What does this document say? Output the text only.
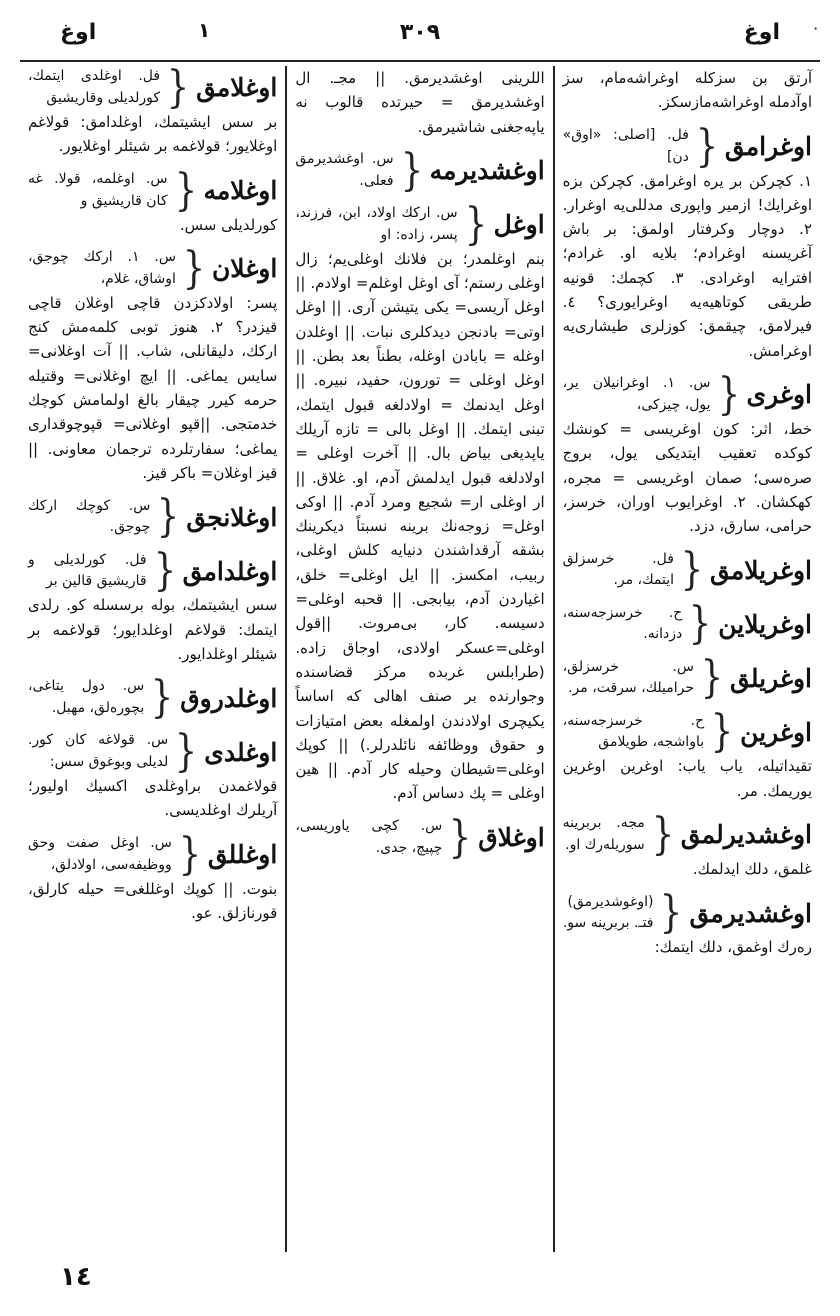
٠
اوغ
٣٠٩
١
اوغ

آرتق بن سزکله اوغراشه‌مام، سز اوآدمله اوغراشه‌مازسکز.

اوغرامق
{
فل. [اصلی: «اوق» دن]

١. کچرکن بر یره اوغرامق. کچرکن بزه اوغرایك! ازمیر واپوری مدللی‌یه اوغرار. ٢. دوچار وکرفتار اولمق: بر باش آغریسنه اوغرادم؛ بلایه او. غرادم؛ افترایه اوغرادی. ٣. کچمك: قونیه طریقی کوتاهیه‌یه اوغرایوری؟ ٤. فیرلامق، چیقمق: کوزلری طیشاری‌یه اوغرامش.

اوغری
{
س. ١. اوغرانیلان یر، یول، چیزکی،

خط، اثر: کون اوغریسی = کونشك کوکده تعقیب ایتدیکی یول، بروج صره‌سی؛ صمان اوغریسی = مجره، کهکشان. ٢. اوغرایوب اوران، خرسز، حرامی، سارق، دزد.

اوغریلامق
{
فل. خرسزلق ایتمك، مر.
اوغریلاین
{
ح. خرسزجه‌سنه، دزدانه.
اوغریلق
{
س. خرسزلق، حرامیلك، سرقت، مر.
اوغرین
{
ح. خرسزجه‌سنه، باواشجه، طویلامق

تقیداتیله، یاب یاب: اوغرین اوغرین یوریمك. مر.

اوغشدیرلمق
{
مجه. بربرینه سوریله‌رك او.

غلمق، دلك ایدلمك.

اوغشدیرمق
{
(اوغوشدیرمق) فتـ. بربرینه سو.

ره‌رك اوغمق، دلك ایتمك:

اللرینی اوغشدیرمق. || مجـ. ال اوغشدیرمق = حیرتده قالوب نه یاپه‌جغنی شاشیرمق.

اوغشدیرمه
{
س. اوغشدیرمق فعلی.
اوغل
{
س. ارکك اولاد، ابن، فرزند، پسر، زاده: او

بنم اوغلمدر؛ بن فلانك اوغلی‌یم؛ زال اوغلی رستم؛ آی اوغل اوغلم= اولادم. || اوغل آریسی= یکی یتیشن آری. || اوغل اوتی= بادنجن دیدکلری نبات. || اوغلدن اوغله = بابادن اوغله، بطناً بعد بطن. || اوغل اوغلی = تورون، حفید، نبیره. || اوغل ایدنمك = اولادلغه قبول ایتمك، تبنی ایتمك. || اوغل بالی = تازه آریلك یاپدیغی بیاض بال. || آخرت اوغلی = اولادلغه قبول ایدلمش آدم، او. غلاق. || ار اوغلی ار= شجیع ومرد آدم. || اوکی اوغل= زوجه‌نك برینه نسبتاً دیکرینك بشقه آرقداشندن دنیایه کلش اوغلی، ربیب، امکسز. || ایل اوغلی= خلق، اغیاردن آدم، بیابجی. || قحبه اوغلی= دسیسه. کار، بی‌مروت. ||قول اوغلی=عسکر اولادی، اوجاق زاده. (طرابلس غربده مرکز قضاسنده وجوارنده بر صنف اهالی که اساساً یکیچری اولادندن اولمغله بعض امتیازات و حقوق ووظائفه نائلدرلر.) || کوپك اوغلی=شیطان وحیله کار آدم. || هین اوغلی = پك دساس آدم.

اوغلاق
{
س. کچی یاوریسی، چپیچ، جدی.
اوغلامق
{
فل. اوغلدی ایتمك، کورلدیلی وقاریشیق

بر سس ایشیتمك، اوغلدامق: قولاغم اوغلایور؛ قولاغمه بر شیئلر اوغلایور.

اوغلامه
{
س. اوغلمه، قولا. غه کان قاریشیق و

کورلدیلی سس.

اوغلان
{
س. ١. ارکك چوجق، اوشاق، غلام،

پسر: اولادکزدن قاچی اوغلان قاچی قیزدر؟ ٢. هنوز توبی کلمه‌مش کنج ارکك، دلیقانلی، شاب. || آت اوغلانی= سایس یماغی. || ایچ اوغلانی= وقتیله حرمه کیرر چیقار بالغ اولمامش کوچك خدمتجی. ||قپو اوغلانی= قپوچوقداری یماغی؛ سفارتلرده ترجمان معاونی. || قیز اوغلان= باکر قیز.

اوغلانجق
{
س. کوچك ارکك چوجق.
اوغلدامق
{
فل. کورلدیلی و قاریشیق قالین بر

سس ایشیتمك، بوله برسسله کو. رلدی ایتمك: قولاغم اوغلدایور؛ قولاغمه بر شیئلر اوغلدایور.

اوغلدروق
{
س. دول یتاغی، بچوره‌لق، مهبل.
اوغلدی
{
س. قولاغه کان کور. لدیلی وبوغوق سس:

قولاغمدن براوغلدی اکسیك اولیور؛ آریلرك اوغلدیسی.

اوغللق
{
س. اوغل صفت وحق ووظیفه‌سی، اولادلق،

بنوت. || کوپك اوغللغی= حیله کارلق، قورنازلق. عو.

١٤
